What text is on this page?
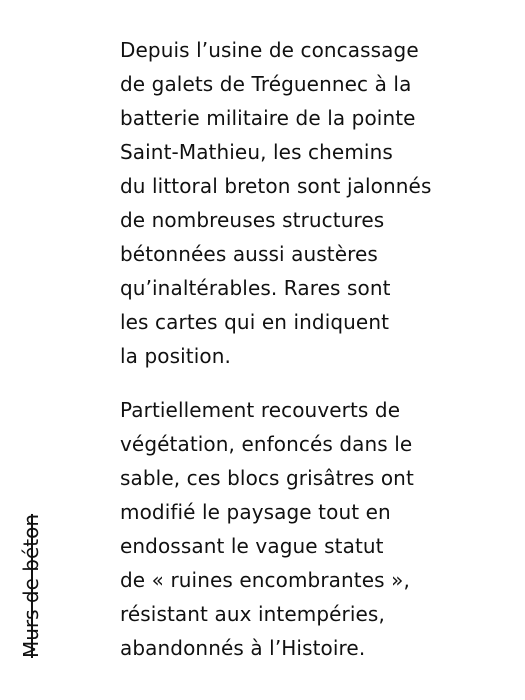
Murs de béton

Depuis l’usine de concassage
de galets de Tréguennec à la
batterie militaire de la pointe
Saint-Mathieu, les chemins
du littoral breton sont jalonnés
de nombreuses structures
bétonnées aussi austères
qu’inaltérables. Rares sont
les cartes qui en indiquent
la position.

Partiellement recouverts de
végétation, enfoncés dans le
sable, ces blocs grisâtres ont
modifié le paysage tout en
endossant le vague statut
de « ruines encombrantes »,
résistant aux intempéries,
abandonnés à l’Histoire.
